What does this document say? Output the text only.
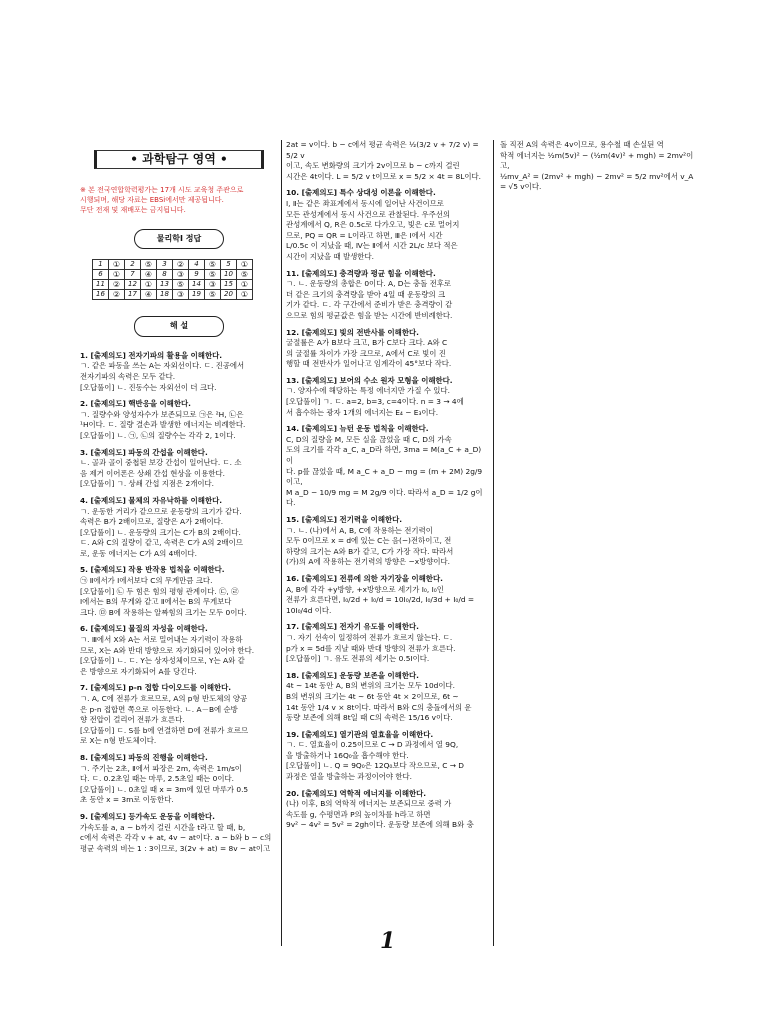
• 과학탐구 영역 •
※ 본 전국연합학력평가는 17개 시도 교육청 주관으로
시행되며, 해당 자료는 EBSi에서만 제공됩니다.
무단 전재 및 재배포는 금지됩니다.
물리학Ⅰ 정답
1	①	2	⑤	3	②	4	⑤	5	①
6	①	7	④	8	③	9	⑤	10	⑤
11	②	12	①	13	⑤	14	③	15	①
16	②	17	④	18	③	19	⑤	20	①
해 설
1. [출제의도] 전자기파의 활용을 이해한다.

ㄱ. 같은 파동을 쓰는 A는 자외선이다. ㄷ. 진공에서

전자기파의 속력은 모두 같다.

[오답풀이] ㄴ. 진동수는 자외선이 더 크다.

2. [출제의도] 핵반응을 이해한다.

ㄱ. 질량수와 양성자수가 보존되므로 ㉠은 ²H, ㉡은

¹H이다. ㄷ. 질량 결손과 발생한 에너지는 비례한다.

[오답풀이] ㄴ. ㉠, ㉡의 질량수는 각각 2, 1이다.

3. [출제의도] 파동의 간섭을 이해한다.

ㄴ. 골과 골이 중첩된 보강 간섭이 일어난다. ㄷ. 소

음 제거 이어폰은 상쇄 간섭 현상을 이용한다.

[오답풀이] ㄱ. 상쇄 간섭 지점은 2개이다.

4. [출제의도] 물체의 자유낙하를 이해한다.

ㄱ. 운동한 거리가 같으므로 운동량의 크기가 같다.

속력은 B가 2배이므로, 질량은 A가 2배이다.

[오답풀이] ㄴ. 운동량의 크기는 C가 B의 2배이다.

ㄷ. A와 C의 질량이 같고, 속력은 C가 A의 2배이므

로, 운동 에너지는 C가 A의 4배이다.

5. [출제의도] 작용 반작용 법칙을 이해한다.

㉠ Ⅱ에서가 Ⅰ에서보다 C의 무게만큼 크다.

[오답풀이] ㉡ 두 힘은 힘의 평형 관계이다. ㉢, ㉣

Ⅰ에서는 B의 무게와 같고 Ⅱ에서는 B의 무게보다

크다. ㉤ B에 작용하는 알짜힘의 크기는 모두 0이다.

6. [출제의도] 물질의 자성을 이해한다.

ㄱ. Ⅲ에서 X와 A는 서로 밀어내는 자기력이 작용하

므로, X는 A와 반대 방향으로 자기화되어 있어야 한다.

[오답풀이] ㄴ. ㄷ. Y는 상자성체이므로, Y는 A와 같

은 방향으로 자기화되어 A를 당긴다.

7. [출제의도] p-n 접합 다이오드를 이해한다.

ㄱ. A, C에 전류가 흐르므로, A의 p형 반도체의 양공

은 p-n 접합면 쪽으로 이동한다. ㄴ. A－B에 순방

향 전압이 걸리어 전류가 흐른다.

[오답풀이] ㄷ. S를 b에 연결하면 D에 전류가 흐르므

로 X는 n형 반도체이다.

8. [출제의도] 파동의 진행을 이해한다.

ㄱ. 주기는 2초, Ⅱ에서 파장은 2m, 속력은 1m/s이

다. ㄷ. 0.2초일 때는 마루, 2.5초일 때는 0이다.

[오답풀이] ㄴ. 0초일 때 x = 3m에 있던 마루가 0.5

초 동안 x = 3m로 이동한다.

9. [출제의도] 등가속도 운동을 이해한다.

가속도를 a, a − b까지 걸린 시간을 t라고 할 때, b,

c에서 속력은 각각 v + at, 4v − at이다. a − b와 b − c의

평균 속력의 비는 1 : 3이므로, 3(2v + at) = 8v − at이고

2at = v이다. b − c에서 평균 속력은 ½(3/2 v + 7/2 v) = 5/2 v

이고, 속도 변화량의 크기가 2v이므로 b − c까지 걸린

시간은 4t이다. L = 5/2 v t이므로 x = 5/2 × 4t = 8L이다.

10. [출제의도] 특수 상대성 이론을 이해한다.

Ⅰ, Ⅱ는 같은 좌표계에서 동시에 일어난 사건이므로

모든 관성계에서 동시 사건으로 관찰된다. 우주선의

관성계에서 Q, R은 0.5c로 다가오고, 빛은 c로 멀어지

므로, PQ = QR = L이라고 하면, Ⅲ은 Ⅰ에서 시간

L/0.5c 이 지났을 때, Ⅳ는 Ⅱ에서 시간 2L/c 보다 적은

시간이 지났을 때 발생한다.

11. [출제의도] 충격량과 평균 힘을 이해한다.

ㄱ. ㄴ. 운동량의 총합은 0이다. A, D는 충돌 전후로

더 같은 크기의 충격량을 받아 4일 때 운동량의 크

기가 같다. ㄷ. 각 구간에서 준비가 받은 충격량이 같

으므로 힘의 평균값은 힘을 받는 시간에 반비례한다.

12. [출제의도] 빛의 전반사를 이해한다.

굴절률은 A가 B보다 크고, B가 C보다 크다. A와 C

의 굴절률 차이가 가장 크므로, A에서 C로 빛이 진

행할 때 전반사가 일어나고 임계각이 45°보다 작다.

13. [출제의도] 보어의 수소 원자 모형을 이해한다.

ㄱ. 양자수에 해당하는 특정 에너지만 가질 수 있다.

[오답풀이] ㄱ. ㄷ. a=2, b=3, c=4이다. n = 3 → 4에

서 흡수하는 광자 1개의 에너지는 E₄ − E₃이다.

14. [출제의도] 뉴턴 운동 법칙을 이해한다.

C, D의 질량을 M, 모든 실을 끊었을 때 C, D의 가속

도의 크기를 각각 a_C, a_D라 하면, 3ma = M(a_C + a_D)이

다. p를 끊었을 때, M a_C + a_D − mg = (m + 2M) 2g/9 이고,

M a_D − 10/9 mg = M 2g/9 이다. 따라서 a_D = 1/2 g이다.

15. [출제의도] 전기력을 이해한다.

ㄱ. ㄴ. (나)에서 A, B, C에 작용하는 전기력이

모두 0이므로 x = d에 있는 C는 음(−)전하이고, 전

하량의 크기는 A와 B가 같고, C가 가장 작다. 따라서

(가)의 A에 작용하는 전기력의 방향은 −x방향이다.

16. [출제의도] 전류에 의한 자기장을 이해한다.

A, B에 각각 +y방향, +x방향으로 세기가 I₀, I₀인

전류가 흐른다면, I₀/2d + I₀/d = 10I₀/2d, I₀/3d + I₀/d = 10I₀/4d 이다.

17. [출제의도] 전자기 유도를 이해한다.

ㄱ. 자기 선속이 일정하여 전류가 흐르지 않는다. ㄷ.

p가 x = 5d를 지날 때와 반대 방향의 전류가 흐른다.

[오답풀이] ㄱ. 유도 전류의 세기는 0.5I이다.

18. [출제의도] 운동량 보존을 이해한다.

4t ~ 14t 동안 A, B의 변위의 크기는 모두 10d이다.

B의 변위의 크기는 4t ~ 6t 동안 4t × 2이므로, 6t ~

14t 동안 1/4 v × 8t이다. 따라서 B와 C의 충돌에서의 운

동량 보존에 의해 8t일 때 C의 속력은 15/16 v이다.

19. [출제의도] 열기관의 열효율을 이해한다.

ㄱ. ㄷ. 열효율이 0.25이므로 C → D 과정에서 열 9Q,

을 방출하거나 16Q₀을 흡수해야 한다.

[오답풀이] ㄴ. Q = 9Q₀은 12Q₀보다 작으므로, C → D

과정은 열을 방출하는 과정이어야 한다.

20. [출제의도] 역학적 에너지를 이해한다.

(나) 이후, B의 역학적 에너지는 보존되므로 중력 가

속도를 g, 수평면과 P의 높이차를 h라고 하면

9v² − 4v² = 5v² = 2gh이다. 운동량 보존에 의해 B와 충

돌 직전 A의 속력은 4v이므로, 용수철 때 손실된 역

학적 에너지는 ½m(5v)² − (½m(4v)² + mgh) = 2mv²이고,

½mv_A² = (2mv² + mgh) − 2mv² = 5/2 mv²에서 v_A = √5 v이다.

1
